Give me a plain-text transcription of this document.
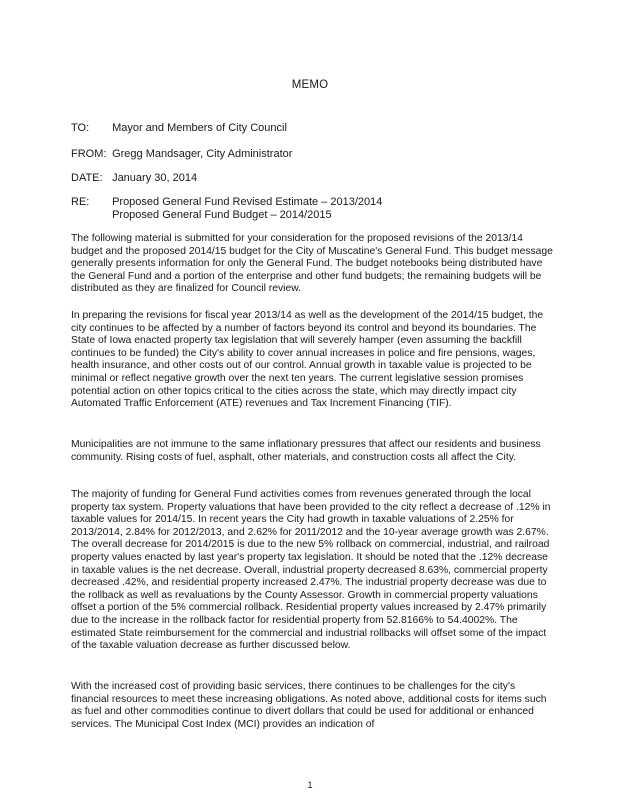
MEMO
TO: Mayor and Members of City Council
FROM: Gregg Mandsager, City Administrator
DATE: January 30, 2014
RE: Proposed General Fund Revised Estimate – 2013/2014
Proposed General Fund Budget – 2014/2015

The following material is submitted for your consideration for the proposed revisions of the 2013/14 budget and the proposed 2014/15 budget for the City of Muscatine's General Fund. This budget message generally presents information for only the General Fund. The budget notebooks being distributed have the General Fund and a portion of the enterprise and other fund budgets; the remaining budgets will be distributed as they are finalized for Council review.

In preparing the revisions for fiscal year 2013/14 as well as the development of the 2014/15 budget, the city continues to be affected by a number of factors beyond its control and beyond its boundaries. The State of Iowa enacted property tax legislation that will severely hamper (even assuming the backfill continues to be funded) the City's ability to cover annual increases in police and fire pensions, wages, health insurance, and other costs out of our control. Annual growth in taxable value is projected to be minimal or reflect negative growth over the next ten years. The current legislative session promises potential action on other topics critical to the cities across the state, which may directly impact city Automated Traffic Enforcement (ATE) revenues and Tax Increment Financing (TIF).

Municipalities are not immune to the same inflationary pressures that affect our residents and business community. Rising costs of fuel, asphalt, other materials, and construction costs all affect the City.

The majority of funding for General Fund activities comes from revenues generated through the local property tax system. Property valuations that have been provided to the city reflect a decrease of .12% in taxable values for 2014/15. In recent years the City had growth in taxable valuations of 2.25% for 2013/2014, 2.84% for 2012/2013, and 2.62% for 2011/2012 and the 10-year average growth was 2.67%. The overall decrease for 2014/2015 is due to the new 5% rollback on commercial, industrial, and railroad property values enacted by last year's property tax legislation. It should be noted that the .12% decrease in taxable values is the net decrease. Overall, industrial property decreased 8.63%, commercial property decreased .42%, and residential property increased 2.47%. The industrial property decrease was due to the rollback as well as revaluations by the County Assessor. Growth in commercial property valuations offset a portion of the 5% commercial rollback. Residential property values increased by 2.47% primarily due to the increase in the rollback factor for residential property from 52.8166% to 54.4002%. The estimated State reimbursement for the commercial and industrial rollbacks will offset some of the impact of the taxable valuation decrease as further discussed below.

With the increased cost of providing basic services, there continues to be challenges for the city's financial resources to meet these increasing obligations. As noted above, additional costs for items such as fuel and other commodities continue to divert dollars that could be used for additional or enhanced services. The Municipal Cost Index (MCI) provides an indication of

1
